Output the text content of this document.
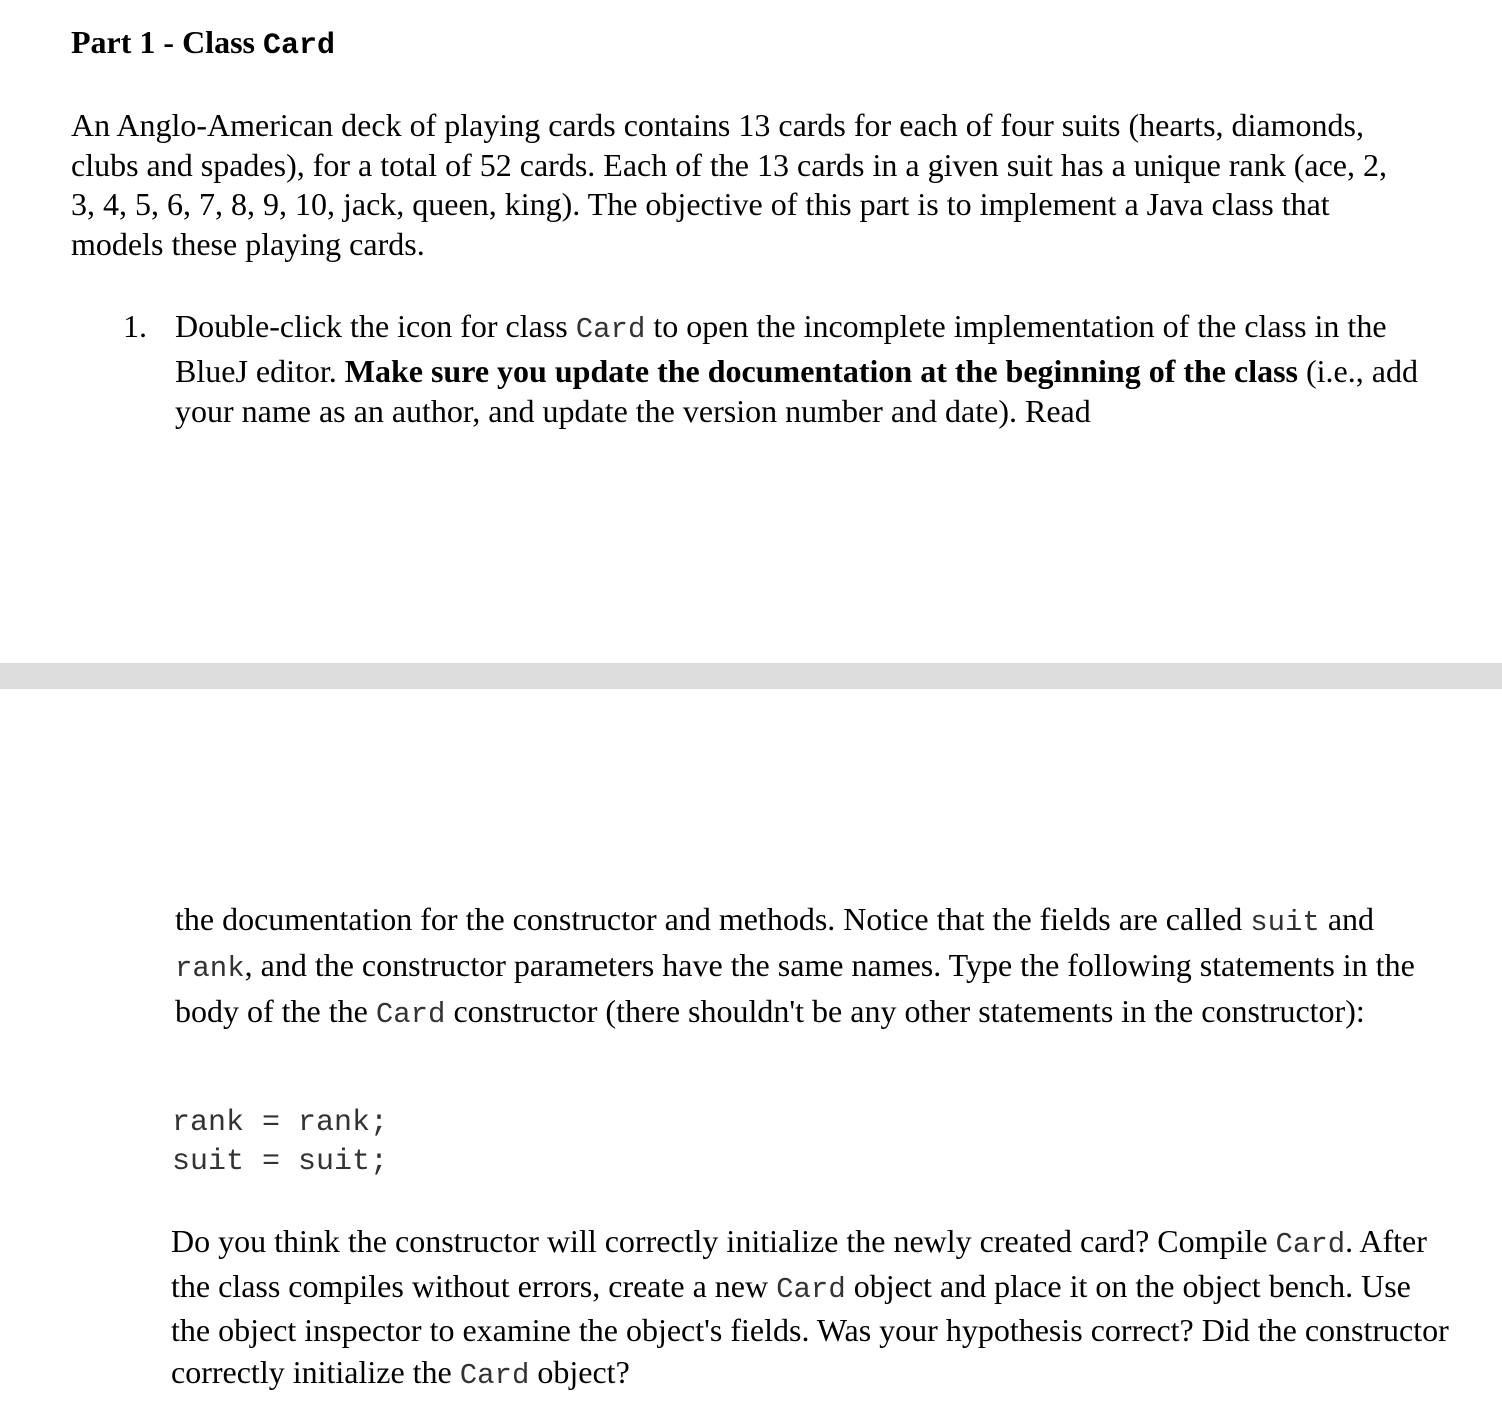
Part 1 - Class Card

An Anglo-American deck of playing cards contains 13 cards for each of four suits (hearts, diamonds, clubs and spades), for a total of 52 cards. Each of the 13 cards in a given suit has a unique rank (ace, 2, 3, 4, 5, 6, 7, 8, 9, 10, jack, queen, king). The objective of this part is to implement a Java class that models these playing cards.

1. Double-click the icon for class Card to open the incomplete implementation of the class in the BlueJ editor. Make sure you update the documentation at the beginning of the class (i.e., add your name as an author, and update the version number and date). Read

the documentation for the constructor and methods. Notice that the fields are called suit and rank, and the constructor parameters have the same names. Type the following statements in the body of the the Card constructor (there shouldn't be any other statements in the constructor):

rank = rank;
suit = suit;

Do you think the constructor will correctly initialize the newly created card? Compile Card. After the class compiles without errors, create a new Card object and place it on the object bench. Use the object inspector to examine the object's fields. Was your hypothesis correct? Did the constructor correctly initialize the Card object?
